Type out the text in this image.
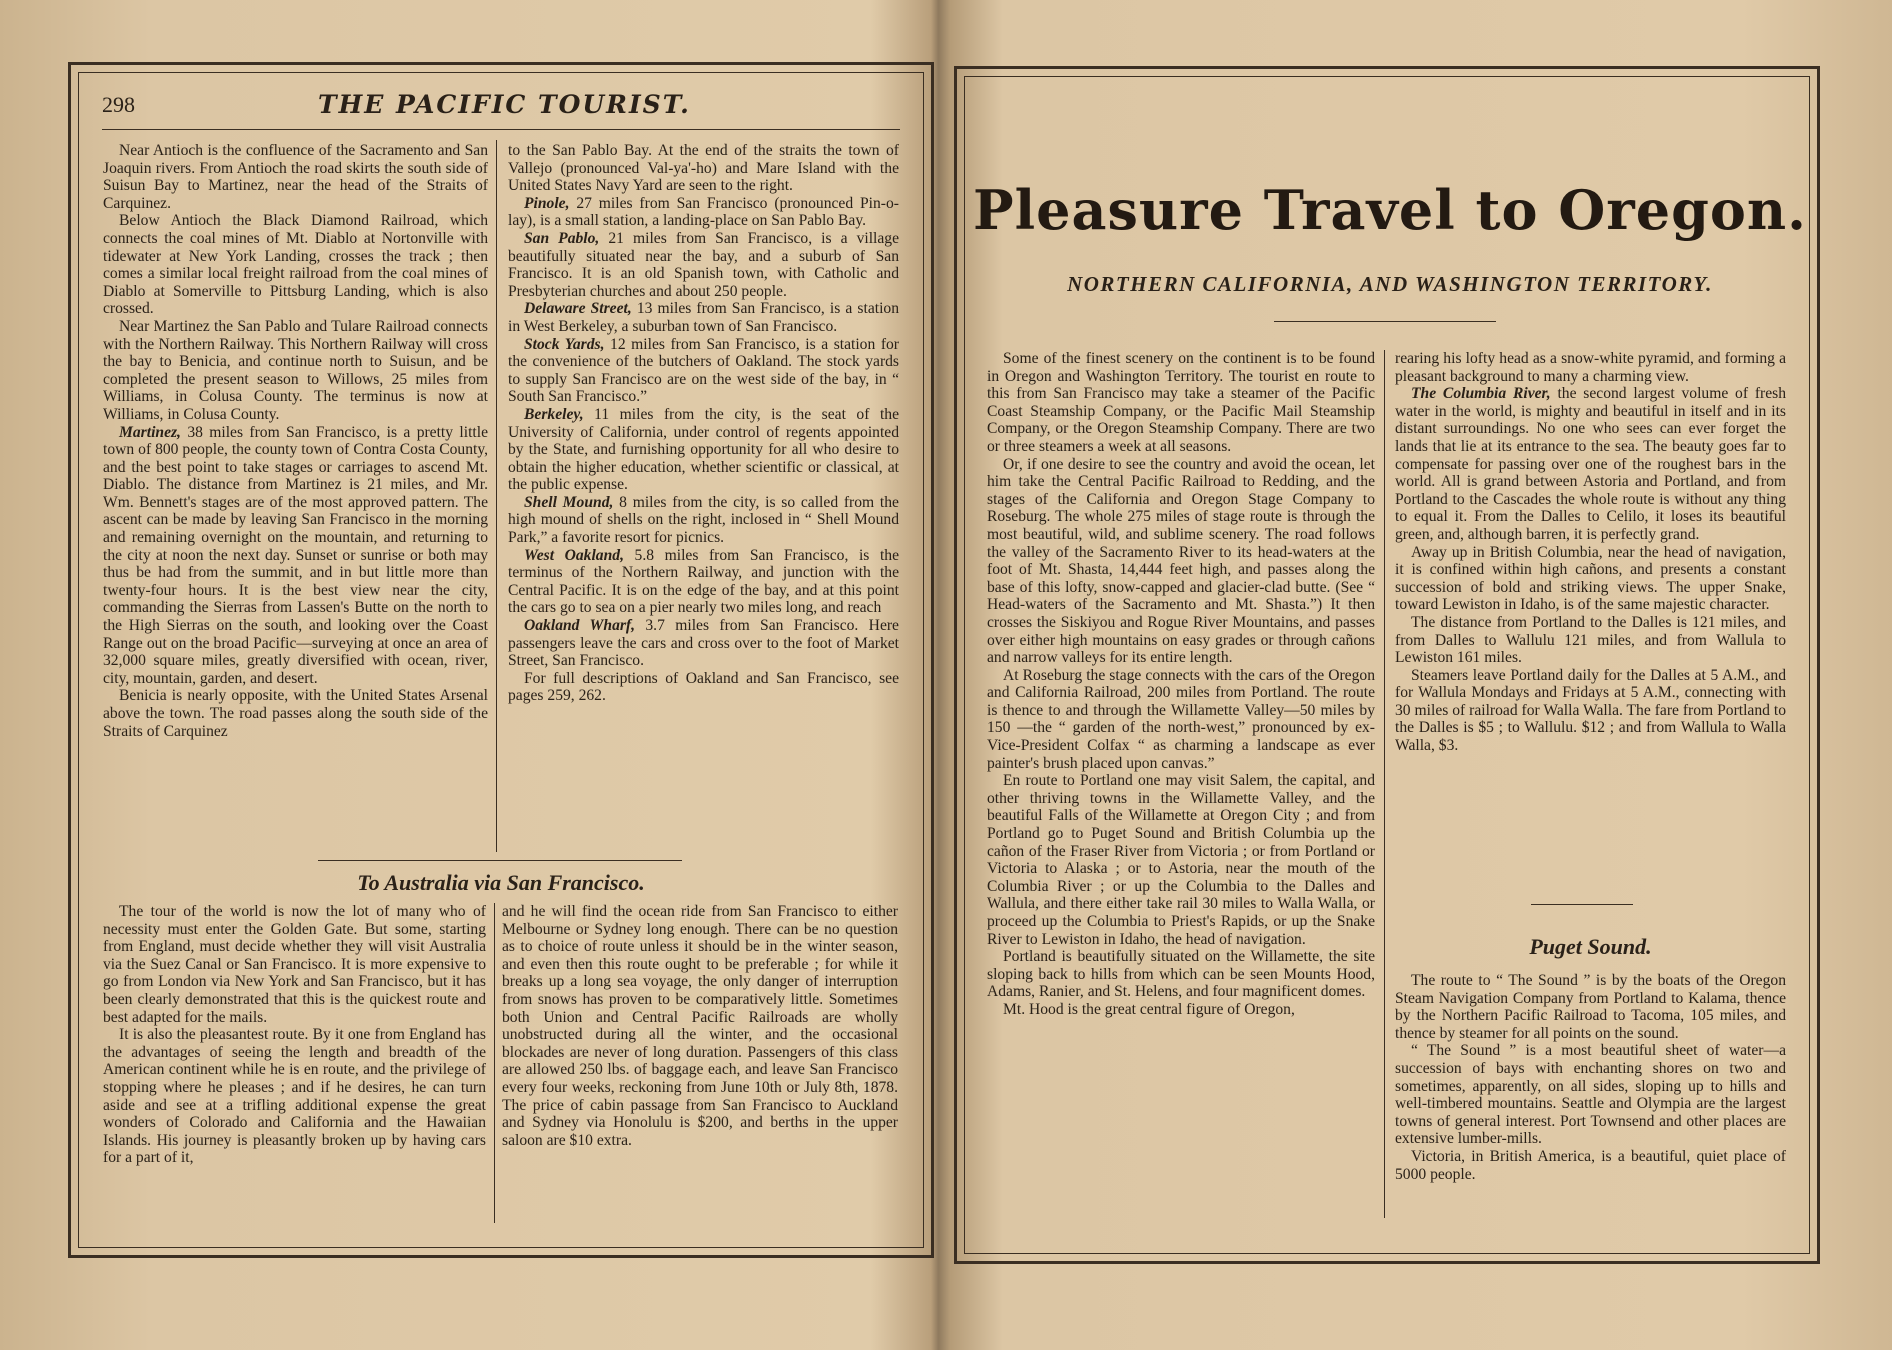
298	THE PACIFIC TOURIST.

Near Antioch is the confluence of the Sacramento and San Joaquin rivers. From Antioch the road skirts the south side of Suisun Bay to Martinez, near the head of the Straits of Carquinez.

Below Antioch the Black Diamond Railroad, which connects the coal mines of Mt. Diablo at Nortonville with tidewater at New York Landing, crosses the track ; then comes a similar local freight railroad from the coal mines of Diablo at Somerville to Pittsburg Landing, which is also crossed.

Near Martinez the San Pablo and Tulare Railroad connects with the Northern Railway. This Northern Railway will cross the bay to Benicia, and continue north to Suisun, and be completed the present season to Willows, 25 miles from Williams, in Colusa County. The terminus is now at Williams, in Colusa County.

Martinez, 38 miles from San Francisco, is a pretty little town of 800 people, the county town of Contra Costa County, and the best point to take stages or carriages to ascend Mt. Diablo. The distance from Martinez is 21 miles, and Mr. Wm. Bennett's stages are of the most approved pattern. The ascent can be made by leaving San Francisco in the morning and remaining overnight on the mountain, and returning to the city at noon the next day. Sunset or sunrise or both may thus be had from the summit, and in but little more than twenty-four hours. It is the best view near the city, commanding the Sierras from Lassen's Butte on the north to the High Sierras on the south, and looking over the Coast Range out on the broad Pacific—surveying at once an area of 32,000 square miles, greatly diversified with ocean, river, city, mountain, garden, and desert.

Benicia is nearly opposite, with the United States Arsenal above the town. The road passes along the south side of the Straits of Carquinez

to the San Pablo Bay. At the end of the straits the town of Vallejo (pronounced Val-ya'-ho) and Mare Island with the United States Navy Yard are seen to the right.

Pinole, 27 miles from San Francisco (pronounced Pin-o-lay), is a small station, a landing-place on San Pablo Bay.

San Pablo, 21 miles from San Francisco, is a village beautifully situated near the bay, and a suburb of San Francisco. It is an old Spanish town, with Catholic and Presbyterian churches and about 250 people.

Delaware Street, 13 miles from San Francisco, is a station in West Berkeley, a suburban town of San Francisco.

Stock Yards, 12 miles from San Francisco, is a station for the convenience of the butchers of Oakland. The stock yards to supply San Francisco are on the west side of the bay, in “ South San Francisco.”

Berkeley, 11 miles from the city, is the seat of the University of California, under control of regents appointed by the State, and furnishing opportunity for all who desire to obtain the higher education, whether scientific or classical, at the public expense.

Shell Mound, 8 miles from the city, is so called from the high mound of shells on the right, inclosed in “ Shell Mound Park,” a favorite resort for picnics.

West Oakland, 5.8 miles from San Francisco, is the terminus of the Northern Railway, and junction with the Central Pacific. It is on the edge of the bay, and at this point the cars go to sea on a pier nearly two miles long, and reach

Oakland Wharf, 3.7 miles from San Francisco. Here passengers leave the cars and cross over to the foot of Market Street, San Francisco.

For full descriptions of Oakland and San Francisco, see pages 259, 262.

To Australia via San Francisco.

The tour of the world is now the lot of many who of necessity must enter the Golden Gate. But some, starting from England, must decide whether they will visit Australia via the Suez Canal or San Francisco. It is more expensive to go from London via New York and San Francisco, but it has been clearly demonstrated that this is the quickest route and best adapted for the mails.

It is also the pleasantest route. By it one from England has the advantages of seeing the length and breadth of the American continent while he is en route, and the privilege of stopping where he pleases ; and if he desires, he can turn aside and see at a trifling additional expense the great wonders of Colorado and California and the Hawaiian Islands. His journey is pleasantly broken up by having cars for a part of it,

and he will find the ocean ride from San Francisco to either Melbourne or Sydney long enough. There can be no question as to choice of route unless it should be in the winter season, and even then this route ought to be preferable ; for while it breaks up a long sea voyage, the only danger of interruption from snows has proven to be comparatively little. Sometimes both Union and Central Pacific Railroads are wholly unobstructed during all the winter, and the occasional blockades are never of long duration. Passengers of this class are allowed 250 lbs. of baggage each, and leave San Francisco every four weeks, reckoning from June 10th or July 8th, 1878. The price of cabin passage from San Francisco to Auckland and Sydney via Honolulu is $200, and berths in the upper saloon are $10 extra.

Pleasure Travel to Oregon.
NORTHERN CALIFORNIA, AND WASHINGTON TERRITORY.

Some of the finest scenery on the continent is to be found in Oregon and Washington Territory. The tourist en route to this from San Francisco may take a steamer of the Pacific Coast Steamship Company, or the Pacific Mail Steamship Company, or the Oregon Steamship Company. There are two or three steamers a week at all seasons.

Or, if one desire to see the country and avoid the ocean, let him take the Central Pacific Railroad to Redding, and the stages of the California and Oregon Stage Company to Roseburg. The whole 275 miles of stage route is through the most beautiful, wild, and sublime scenery. The road follows the valley of the Sacramento River to its head-waters at the foot of Mt. Shasta, 14,444 feet high, and passes along the base of this lofty, snow-capped and glacier-clad butte. (See “ Head-waters of the Sacramento and Mt. Shasta.”) It then crosses the Siskiyou and Rogue River Mountains, and passes over either high mountains on easy grades or through cañons and narrow valleys for its entire length.

At Roseburg the stage connects with the cars of the Oregon and California Railroad, 200 miles from Portland. The route is thence to and through the Willamette Valley—50 miles by 150 —the “ garden of the north-west,” pronounced by ex-Vice-President Colfax “ as charming a landscape as ever painter's brush placed upon canvas.”

En route to Portland one may visit Salem, the capital, and other thriving towns in the Willamette Valley, and the beautiful Falls of the Willamette at Oregon City ; and from Portland go to Puget Sound and British Columbia up the cañon of the Fraser River from Victoria ; or from Portland or Victoria to Alaska ; or to Astoria, near the mouth of the Columbia River ; or up the Columbia to the Dalles and Wallula, and there either take rail 30 miles to Walla Walla, or proceed up the Columbia to Priest's Rapids, or up the Snake River to Lewiston in Idaho, the head of navigation.

Portland is beautifully situated on the Willamette, the site sloping back to hills from which can be seen Mounts Hood, Adams, Ranier, and St. Helens, and four magnificent domes.

Mt. Hood is the great central figure of Oregon,

rearing his lofty head as a snow-white pyramid, and forming a pleasant background to many a charming view.

The Columbia River, the second largest volume of fresh water in the world, is mighty and beautiful in itself and in its distant surroundings. No one who sees can ever forget the lands that lie at its entrance to the sea. The beauty goes far to compensate for passing over one of the roughest bars in the world. All is grand between Astoria and Portland, and from Portland to the Cascades the whole route is without any thing to equal it. From the Dalles to Celilo, it loses its beautiful green, and, although barren, it is perfectly grand.

Away up in British Columbia, near the head of navigation, it is confined within high cañons, and presents a constant succession of bold and striking views. The upper Snake, toward Lewiston in Idaho, is of the same majestic character.

The distance from Portland to the Dalles is 121 miles, and from Dalles to Wallulu 121 miles, and from Wallula to Lewiston 161 miles.

Steamers leave Portland daily for the Dalles at 5 A.M., and for Wallula Mondays and Fridays at 5 A.M., connecting with 30 miles of railroad for Walla Walla. The fare from Portland to the Dalles is $5 ; to Wallulu. $12 ; and from Wallula to Walla Walla, $3.

Puget Sound.

The route to “ The Sound ” is by the boats of the Oregon Steam Navigation Company from Portland to Kalama, thence by the Northern Pacific Railroad to Tacoma, 105 miles, and thence by steamer for all points on the sound.

“ The Sound ” is a most beautiful sheet of water—a succession of bays with enchanting shores on two and sometimes, apparently, on all sides, sloping up to hills and well-timbered mountains. Seattle and Olympia are the largest towns of general interest. Port Townsend and other places are extensive lumber-mills.

Victoria, in British America, is a beautiful, quiet place of 5000 people.
